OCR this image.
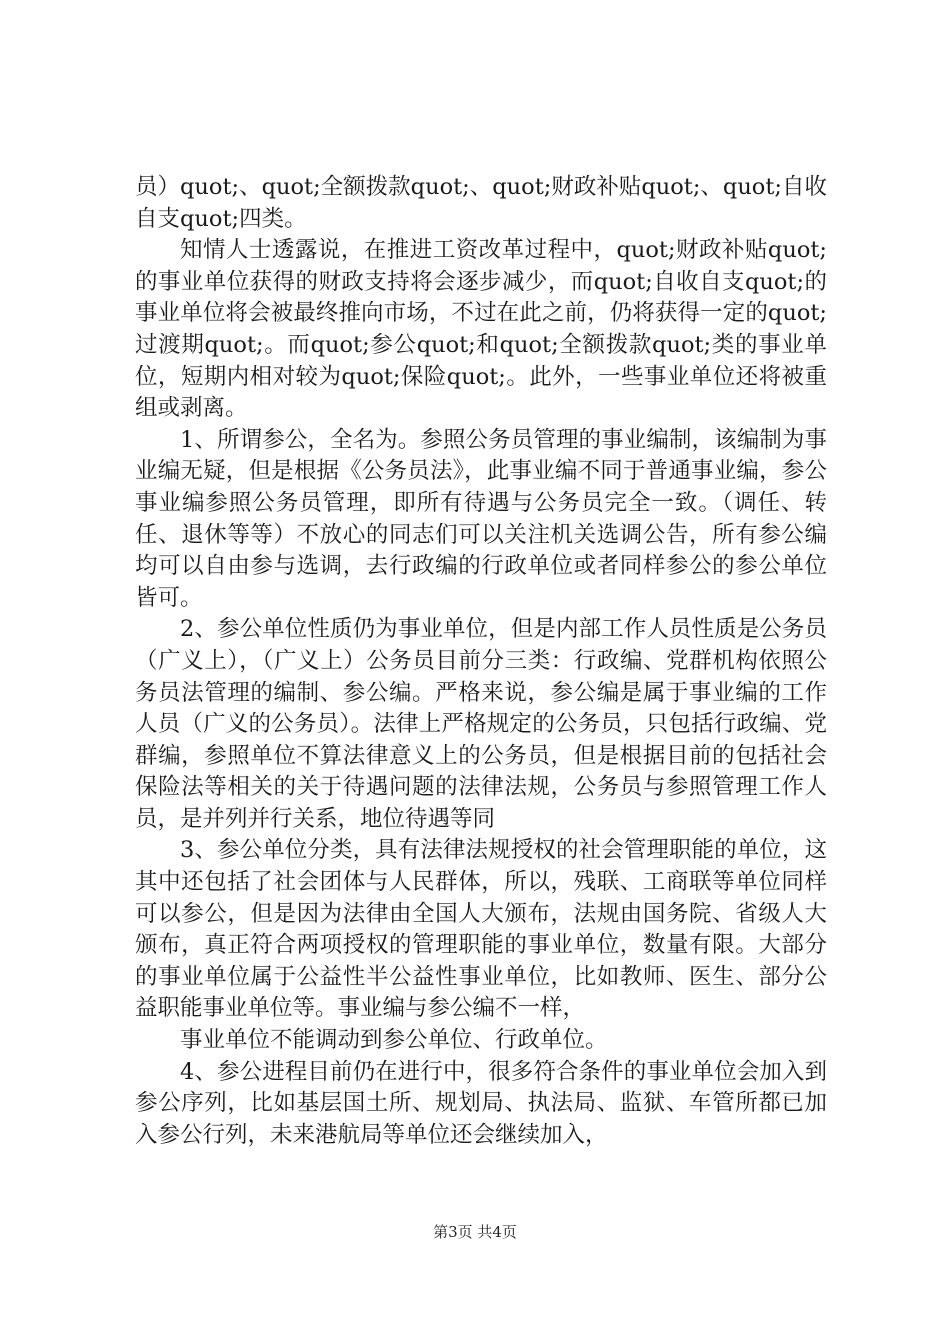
员）quot;、quot;全额拨款quot;、quot;财政补贴quot;、quot;自收自支quot;四类。

知情人士透露说，在推进工资改革过程中，quot;财政补贴quot;的事业单位获得的财政支持将会逐步减少，而quot;自收自支quot;的事业单位将会被最终推向市场，不过在此之前，仍将获得一定的quot;过渡期quot;。而quot;参公quot;和quot;全额拨款quot;类的事业单位，短期内相对较为quot;保险quot;。此外，一些事业单位还将被重组或剥离。

1、所谓参公，全名为。参照公务员管理的事业编制，该编制为事业编无疑，但是根据《公务员法》，此事业编不同于普通事业编，参公事业编参照公务员管理，即所有待遇与公务员完全一致。（调任、转任、退休等等）不放心的同志们可以关注机关选调公告，所有参公编均可以自由参与选调，去行政编的行政单位或者同样参公的参公单位皆可。

2、参公单位性质仍为事业单位，但是内部工作人员性质是公务员（广义上），（广义上）公务员目前分三类：行政编、党群机构依照公务员法管理的编制、参公编。严格来说，参公编是属于事业编的工作人员（广义的公务员）。法律上严格规定的公务员，只包括行政编、党群编，参照单位不算法律意义上的公务员，但是根据目前的包括社会保险法等相关的关于待遇问题的法律法规，公务员与参照管理工作人员，是并列并行关系，地位待遇等同

3、参公单位分类，具有法律法规授权的社会管理职能的单位，这其中还包括了社会团体与人民群体，所以，残联、工商联等单位同样可以参公，但是因为法律由全国人大颁布，法规由国务院、省级人大颁布，真正符合两项授权的管理职能的事业单位，数量有限。大部分的事业单位属于公益性半公益性事业单位，比如教师、医生、部分公益职能事业单位等。事业编与参公编不一样，

事业单位不能调动到参公单位、行政单位。

4、参公进程目前仍在进行中，很多符合条件的事业单位会加入到参公序列，比如基层国土所、规划局、执法局、监狱、车管所都已加入参公行列，未来港航局等单位还会继续加入，

第3页 共4页
